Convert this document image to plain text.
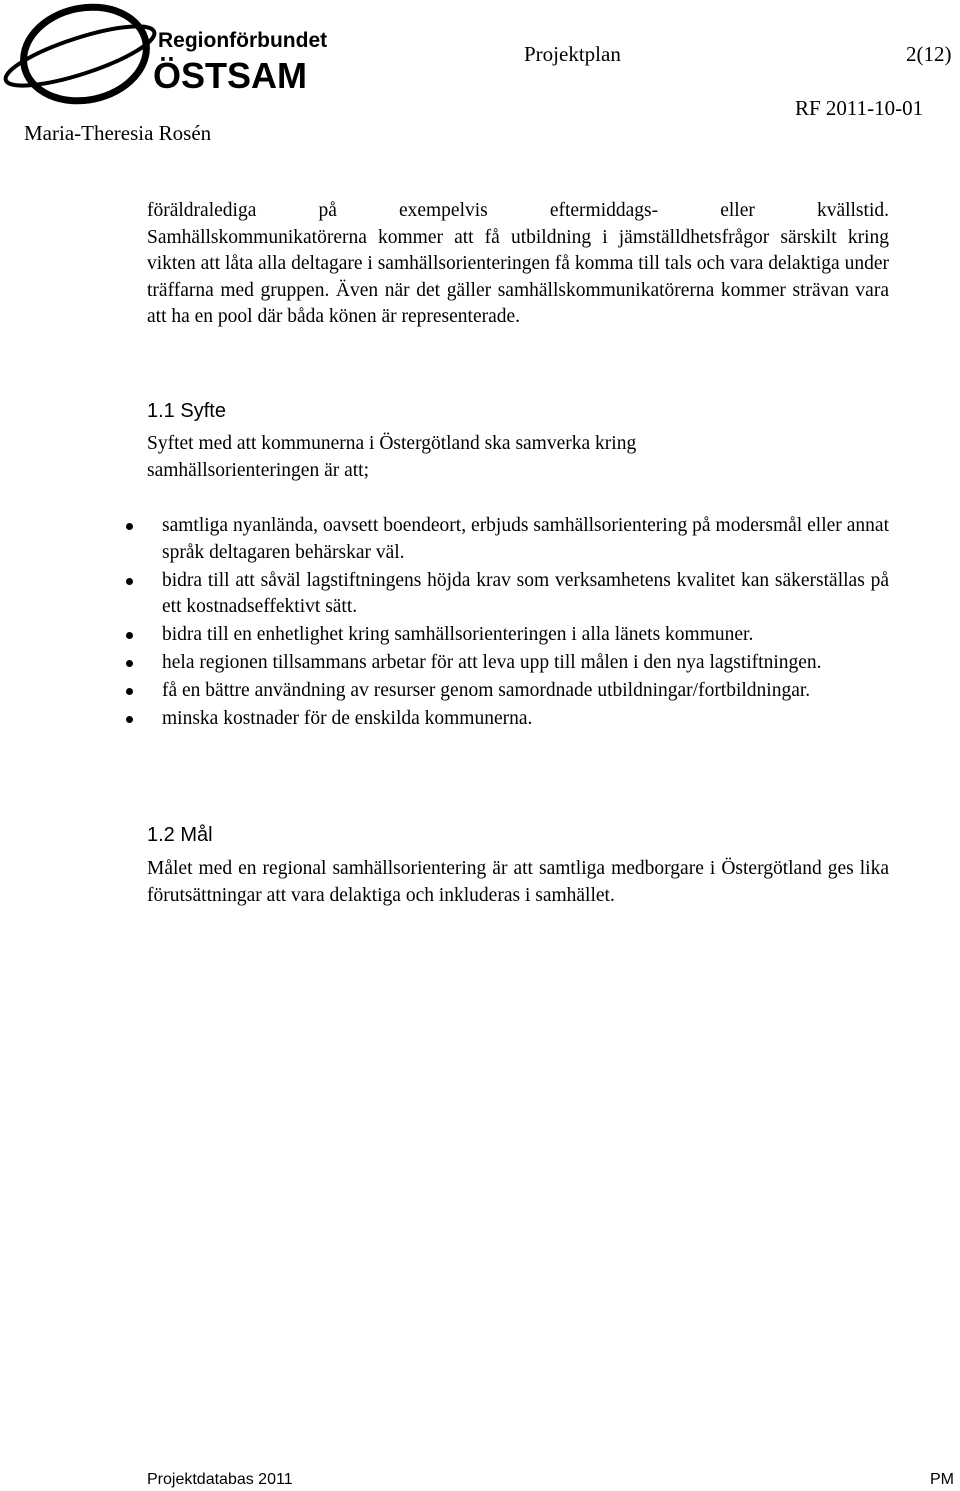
Regionförbundet
ÖSTSAM
Projektplan	2(12)
Maria-Theresia Rosén
RF 2011-10-01
föräldralediga på exempelvis eftermiddags- eller kvällstid.
Samhällskommunikatörerna kommer att få utbildning i jämställdhetsfrågor särskilt kring vikten att låta alla deltagare i samhällsorienteringen få komma till tals och vara delaktiga under träffarna med gruppen. Även när det gäller samhällskommunikatörerna kommer strävan vara att ha en pool där båda könen är representerade.
1.1 Syfte
Syftet med att kommunerna i Östergötland ska samverka kring samhällsorienteringen är att;
samtliga nyanlända, oavsett boendeort, erbjuds samhällsorientering på modersmål eller annat språk deltagaren behärskar väl.
bidra till att såväl lagstiftningens höjda krav som verksamhetens kvalitet kan säkerställas på ett kostnadseffektivt sätt.
bidra till en enhetlighet kring samhällsorienteringen i alla länets kommuner.
hela regionen tillsammans arbetar för att leva upp till målen i den nya lagstiftningen.
få en bättre användning av resurser genom samordnade utbildningar/fortbildningar.
minska kostnader för de enskilda kommunerna.
1.2 Mål
Målet med en regional samhällsorientering är att samtliga medborgare i Östergötland ges lika förutsättningar att vara delaktiga och inkluderas i samhället.
Projektdatabas 2011	PM
